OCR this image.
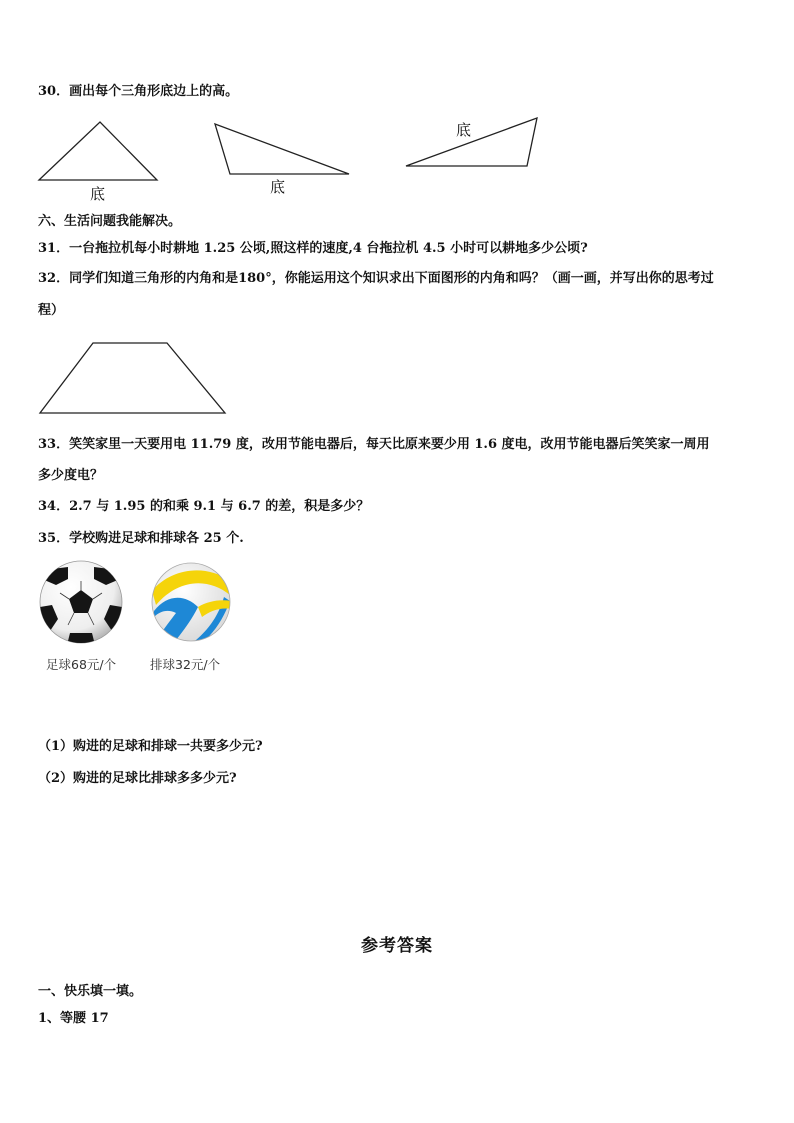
30．画出每个三角形底边上的高。
底	底
底
六、生活问题我能解决。
31．一台拖拉机每小时耕地 1.25 公顷,照这样的速度,4 台拖拉机 4.5 小时可以耕地多少公顷?
32．同学们知道三角形的内角和是180°，你能运用这个知识求出下面图形的内角和吗？（画一画，并写出你的思考过
程）
33．笑笑家里一天要用电 11.79 度，改用节能电器后，每天比原来要少用 1.6 度电，改用节能电器后笑笑家一周用
多少度电？
34．2.7 与 1.95 的和乘 9.1 与 6.7 的差，积是多少？
35．学校购进足球和排球各 25 个.
足球68元/个	排球32元/个
（1）购进的足球和排球一共要多少元?
（2）购进的足球比排球多多少元?
参考答案
一、快乐填一填。
1、等腰 17
